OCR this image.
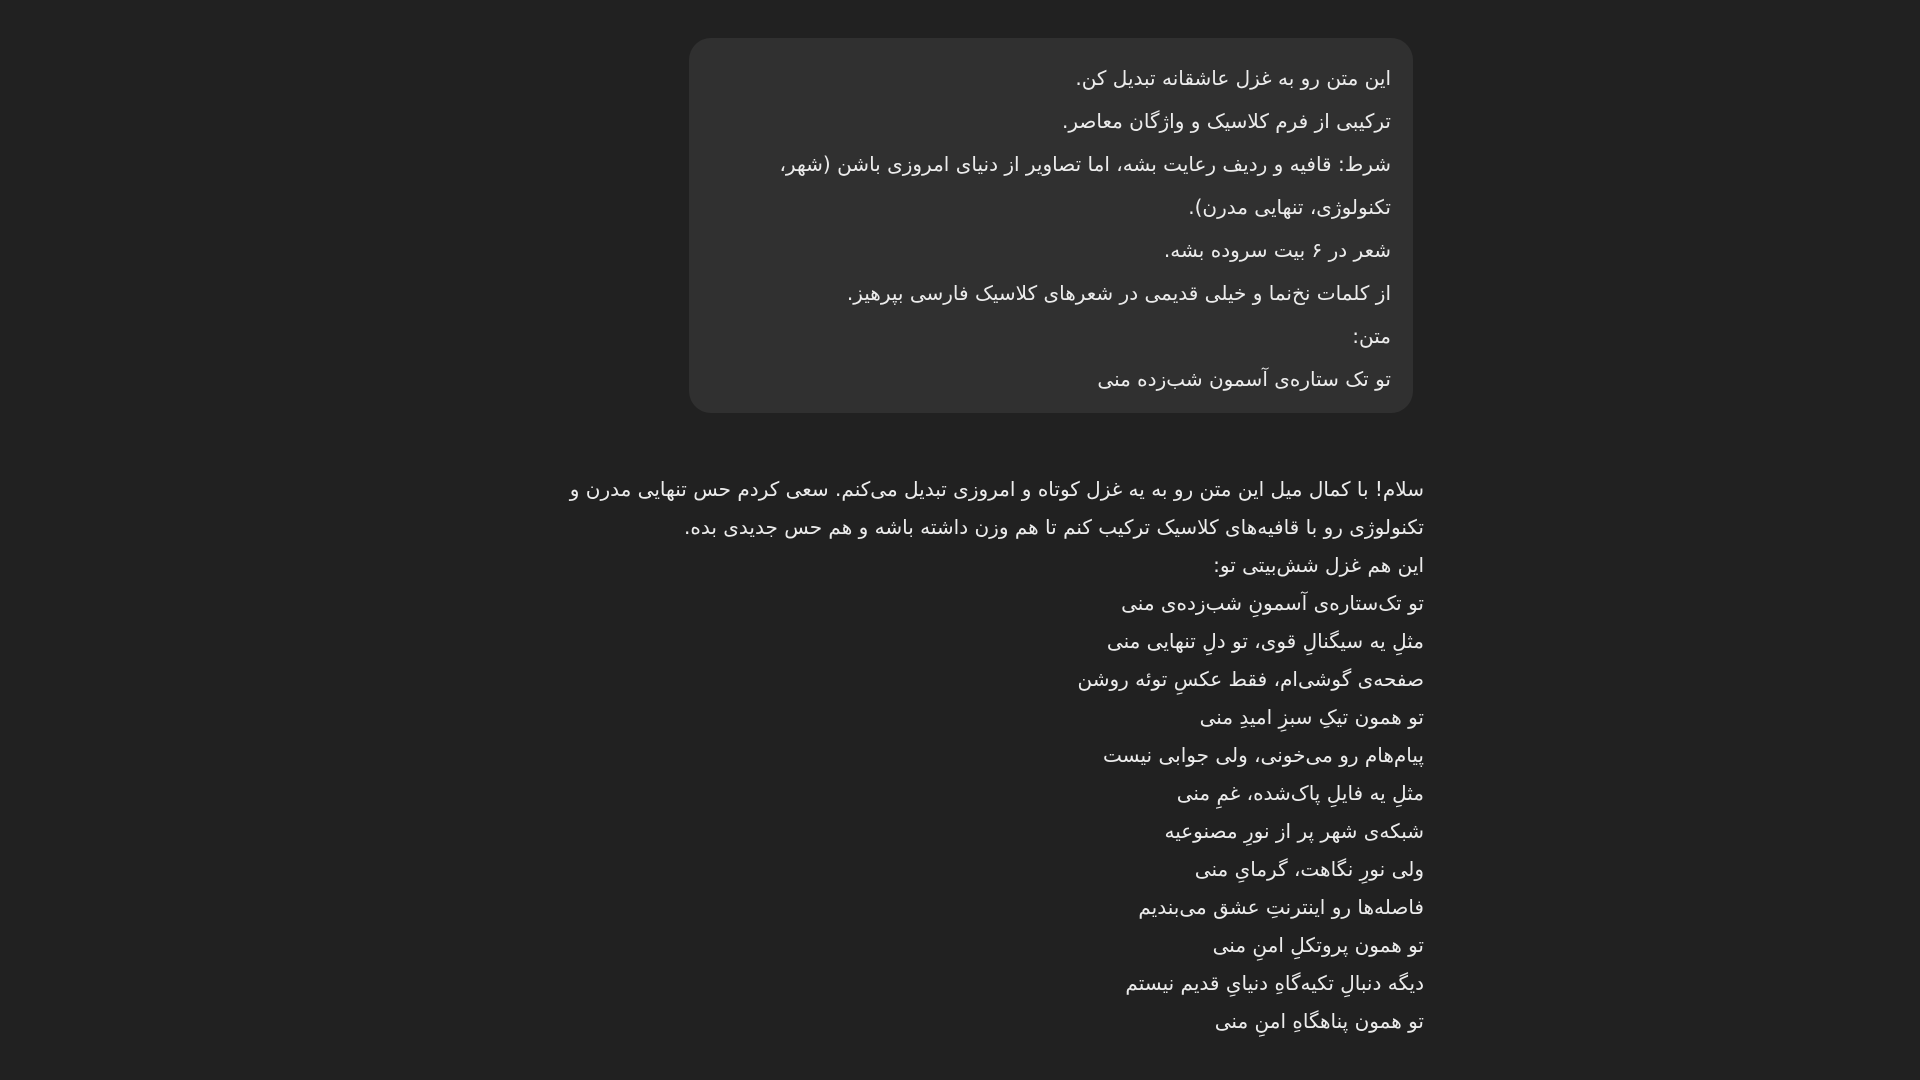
این متن رو به غزل عاشقانه تبدیل کن.
ترکیبی از فرم کلاسیک و واژگان معاصر.
شرط: قافیه و ردیف رعایت بشه، اما تصاویر از دنیای امروزی باشن (شهر،
تکنولوژی، تنهایی مدرن).
شعر در ۶ بیت سروده بشه.
از کلمات نخ‌نما و خیلی قدیمی در شعرهای کلاسیک فارسی بپرهیز.
متن:
تو تک ستاره‌ی آسمون شب‌زده منی
سلام! با کمال میل این متن رو به یه غزل کوتاه و امروزی تبدیل می‌کنم. سعی کردم حس تنهایی مدرن و
تکنولوژی رو با قافیه‌های کلاسیک ترکیب کنم تا هم وزن داشته باشه و هم حس جدیدی بده.
این هم غزل شش‌بیتی تو:
تو تک‌ستاره‌ی آسمونِ شب‌زده‌ی منی
مثلِ یه سیگنالِ قوی، تو دلِ تنهایی منی
صفحه‌ی گوشی‌ام، فقط عکسِ توئه روشن
تو همون تیکِ سبزِ امیدِ منی
پیام‌هام رو می‌خونی، ولی جوابی نیست
مثلِ یه فایلِ پاک‌شده، غمِ منی
شبکه‌ی شهر پر از نورِ مصنوعیه
ولی نورِ نگاهت، گرمایِ منی
فاصله‌ها رو اینترنتِ عشق می‌بندیم
تو همون پروتکلِ امنِ منی
دیگه دنبالِ تکیه‌گاهِ دنیایِ قدیم نیستم
تو همون پناهگاهِ امنِ منی
